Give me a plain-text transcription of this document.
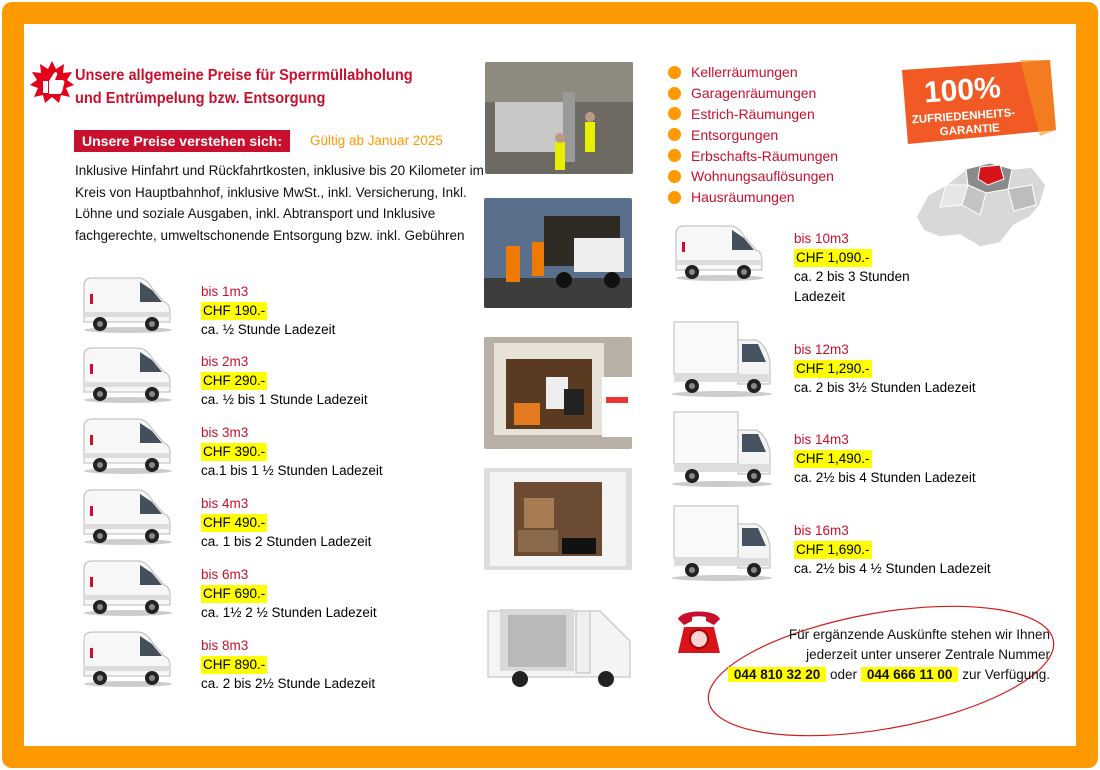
Unsere allgemeine Preise für Sperrmüllabholung
und Entrümpelung bzw. Entsorgung
Unsere Preise verstehen sich:	Gültig ab Januar 2025
Inklusive Hinfahrt und Rückfahrtkosten, inklusive bis 20 Kilometer im Kreis von Hauptbahnhof, inklusive MwSt., inkl. Versicherung, Inkl. Löhne und soziale Ausgaben, inkl. Abtransport und Inklusive fachgerechte, umweltschonende Entsorgung bzw. inkl. Gebühren
bis 1m3
CHF 190.-
ca. ½ Stunde Ladezeit
bis 2m3
CHF 290.-
ca. ½ bis 1 Stunde Ladezeit
bis 3m3
CHF 390.-
ca.1 bis 1 ½ Stunden Ladezeit
bis 4m3
CHF 490.-
ca. 1 bis 2 Stunden Ladezeit
bis 6m3
CHF 690.-
ca. 1½ 2 ½ Stunden Ladezeit
bis 8m3
CHF 890.-
ca. 2 bis 2½ Stunde Ladezeit
Kellerräumungen
Garagenräumungen
Estrich-Räumungen
Entsorgungen
Erbschafts-Räumungen
Wohnungsauflösungen
Hausräumungen
100%
ZUFRIEDENHEITS-
GARANTIE
bis 10m3
CHF 1,090.-
ca. 2 bis 3 Stunden Ladezeit
bis 12m3
CHF 1,290.-
ca. 2 bis 3½ Stunden Ladezeit
bis 14m3
CHF 1,490.-
ca. 2½ bis 4 Stunden Ladezeit
bis 16m3
CHF 1,690.-
ca. 2½ bis 4 ½ Stunden Ladezeit
Für ergänzende Auskünfte stehen wir Ihnen
jederzeit unter unserer Zentrale Nummer
044 810 32 20 oder 044 666 11 00 zur Verfügung.
